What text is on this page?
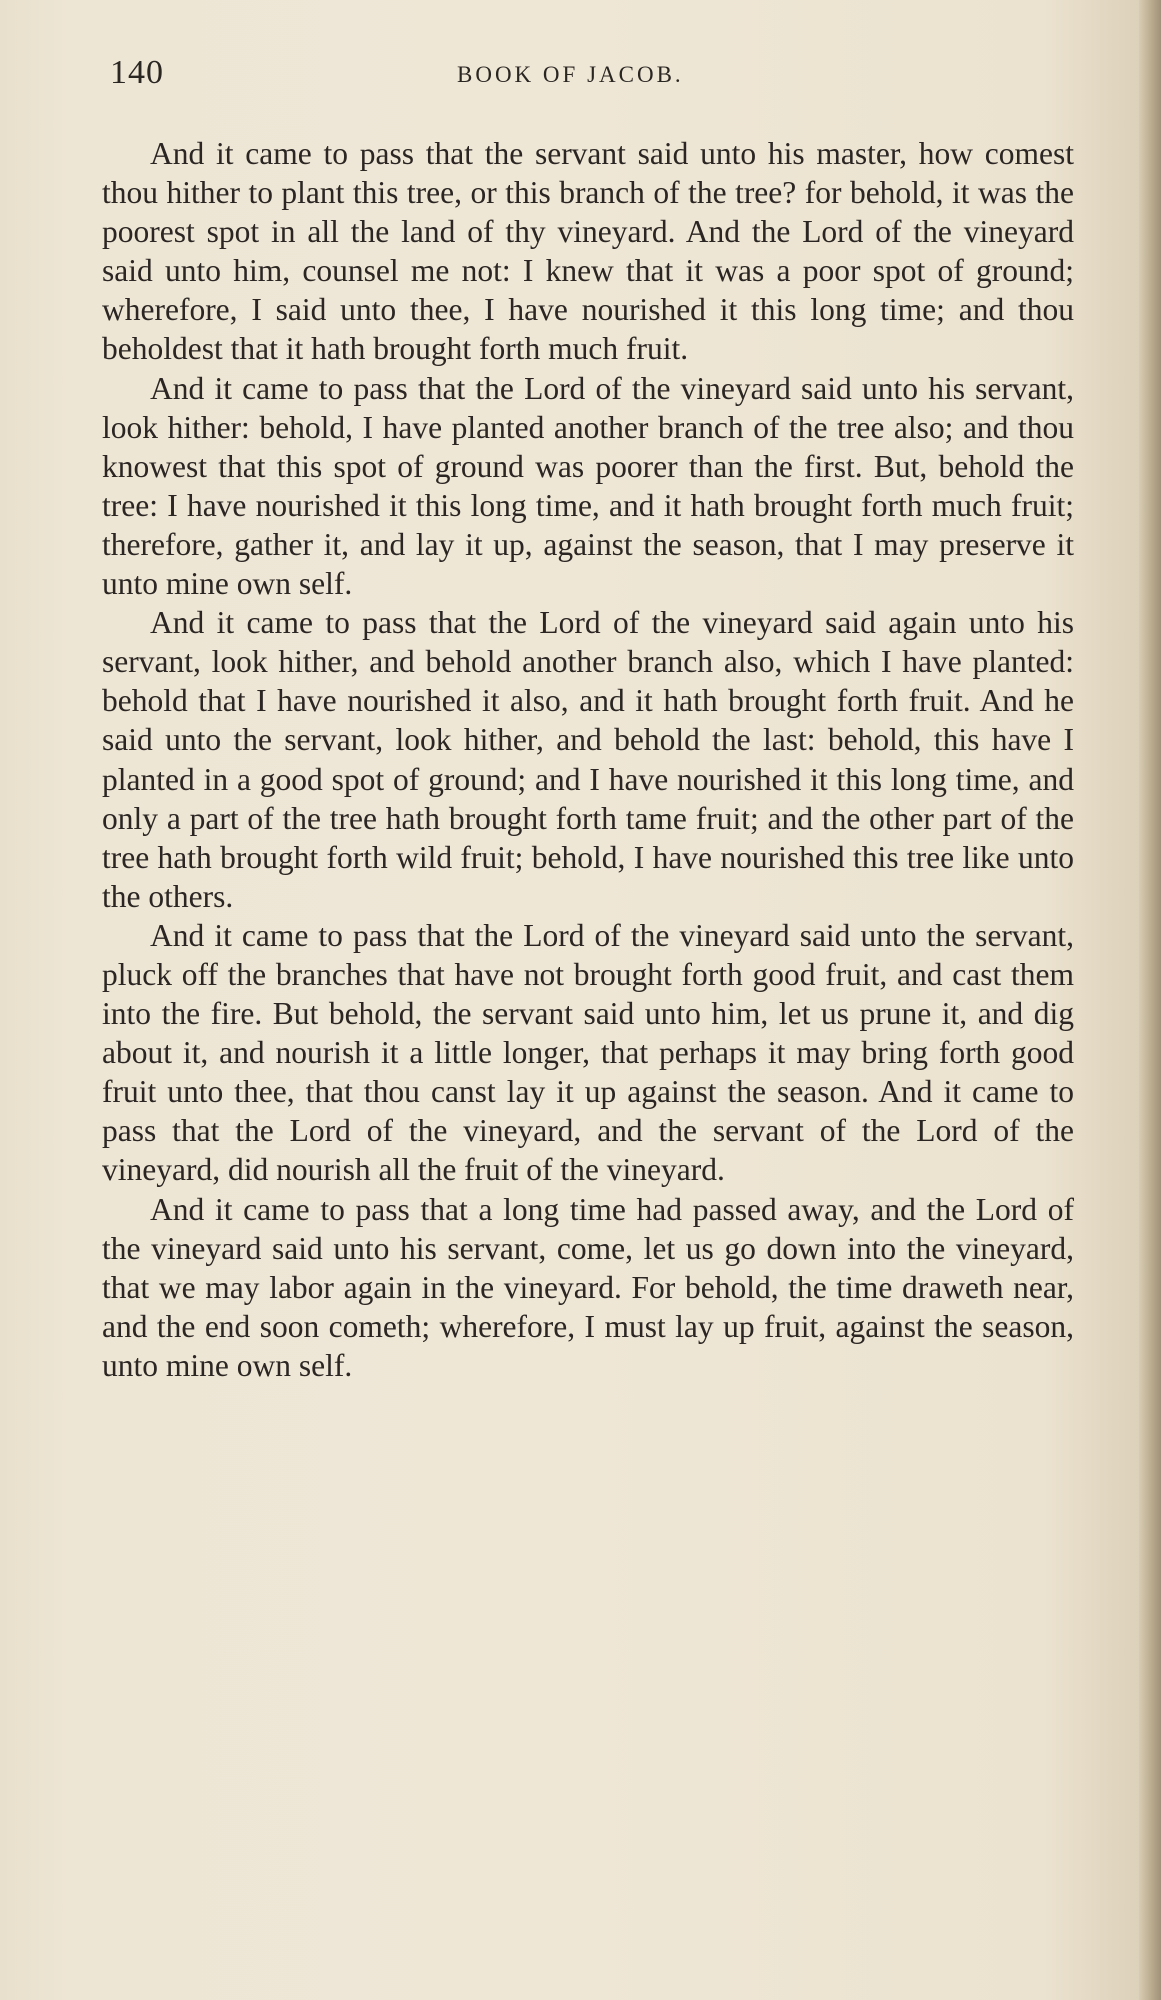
140	BOOK OF JACOB.

And it came to pass that the servant said unto his master, how comest thou hither to plant this tree, or this branch of the tree? for behold, it was the poorest spot in all the land of thy vineyard. And the Lord of the vineyard said unto him, counsel me not: I knew that it was a poor spot of ground; wherefore, I said unto thee, I have nourished it this long time; and thou beholdest that it hath brought forth much fruit.

And it came to pass that the Lord of the vineyard said unto his servant, look hither: behold, I have planted another branch of the tree also; and thou knowest that this spot of ground was poorer than the first. But, behold the tree: I have nourished it this long time, and it hath brought forth much fruit; therefore, gather it, and lay it up, against the season, that I may preserve it unto mine own self.

And it came to pass that the Lord of the vineyard said again unto his servant, look hither, and behold another branch also, which I have planted: behold that I have nourished it also, and it hath brought forth fruit. And he said unto the servant, look hither, and behold the last: behold, this have I planted in a good spot of ground; and I have nourished it this long time, and only a part of the tree hath brought forth tame fruit; and the other part of the tree hath brought forth wild fruit; behold, I have nourished this tree like unto the others.

And it came to pass that the Lord of the vineyard said unto the servant, pluck off the branches that have not brought forth good fruit, and cast them into the fire. But behold, the servant said unto him, let us prune it, and dig about it, and nourish it a little longer, that perhaps it may bring forth good fruit unto thee, that thou canst lay it up against the season. And it came to pass that the Lord of the vineyard, and the servant of the Lord of the vineyard, did nourish all the fruit of the vineyard.

And it came to pass that a long time had passed away, and the Lord of the vineyard said unto his servant, come, let us go down into the vineyard, that we may labor again in the vineyard. For behold, the time draweth near, and the end soon cometh; wherefore, I must lay up fruit, against the season, unto mine own self.
